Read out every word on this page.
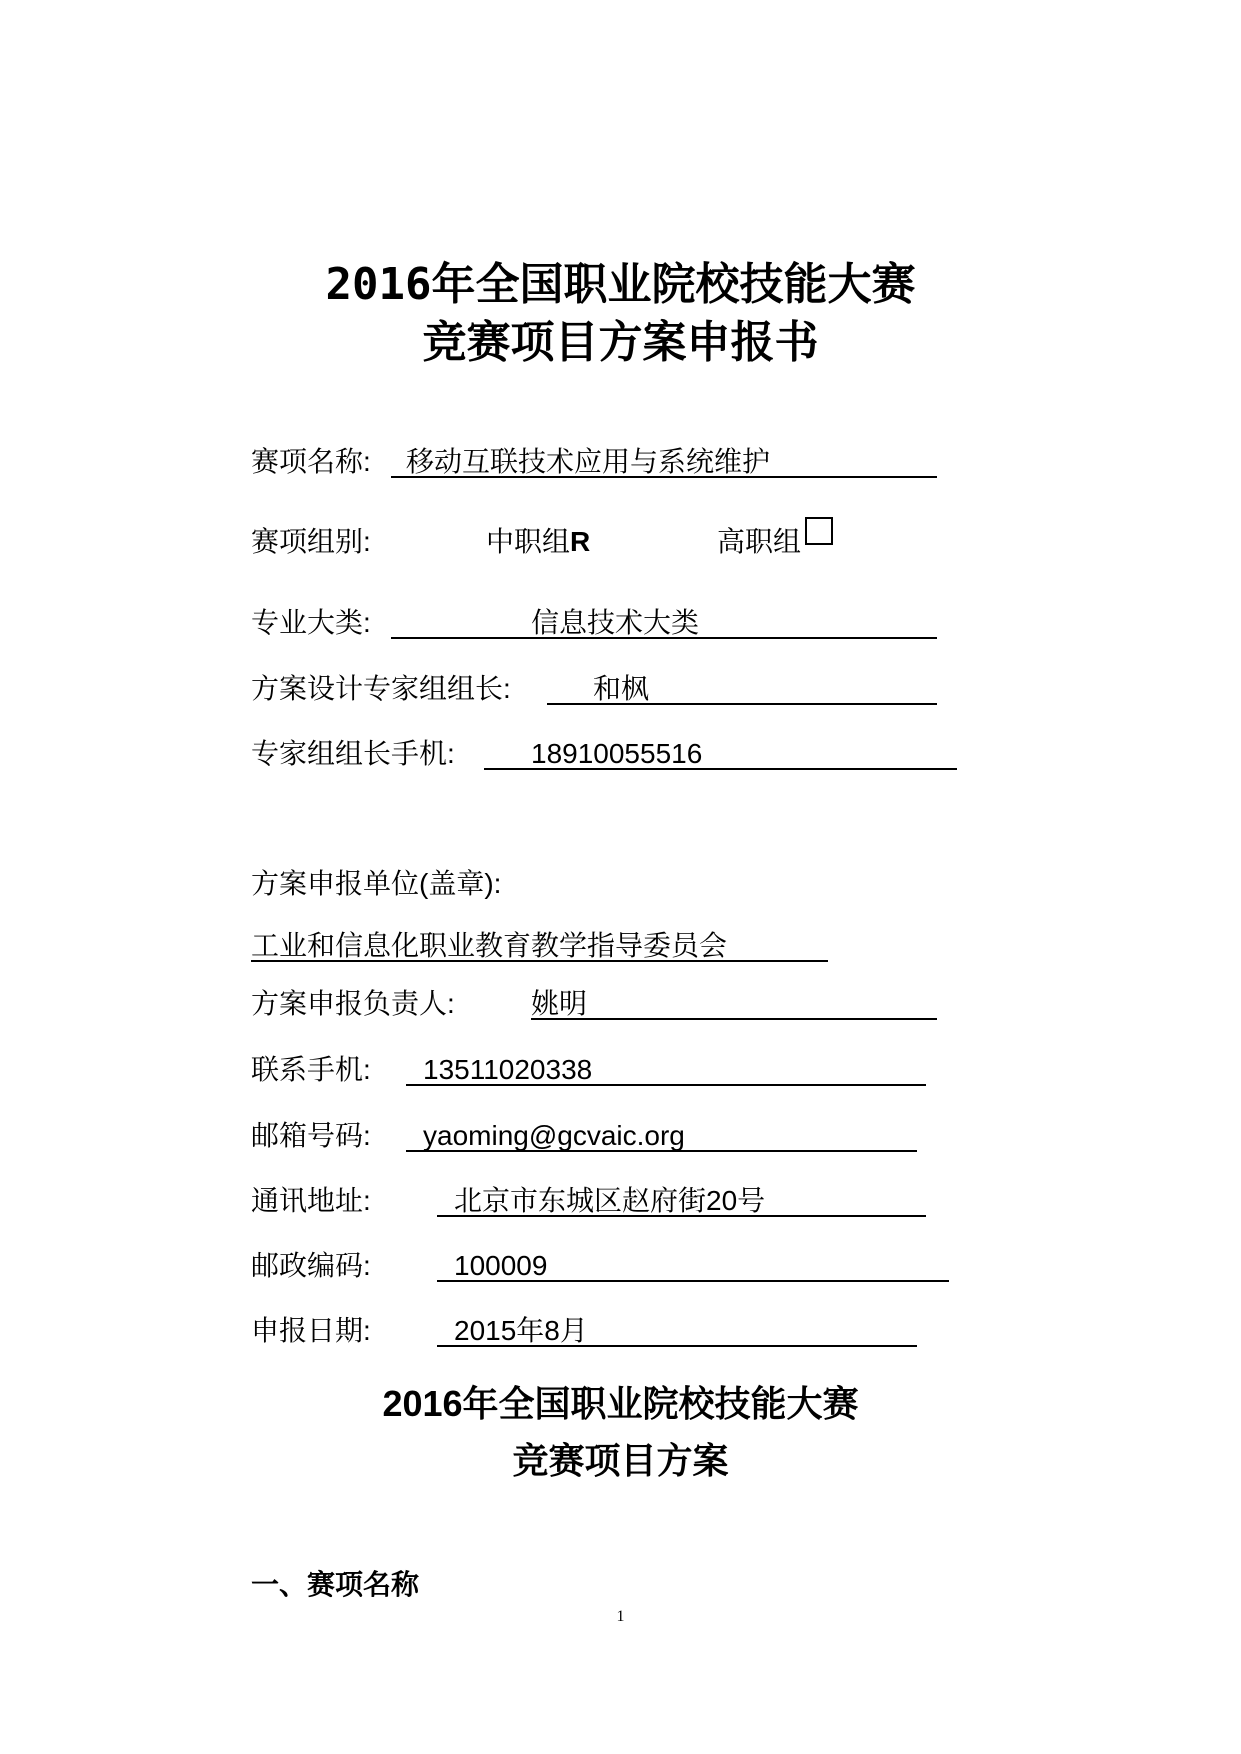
2016年全国职业院校技能大赛
竞赛项目方案申报书
赛项名称: 移动互联技术应用与系统维护
赛项组别:	中职组R	高职组
专业大类:	信息技术大类
方案设计专家组组长:	和枫
专家组组长手机:	18910055516
方案申报单位(盖章):
工业和信息化职业教育教学指导委员会
方案申报负责人:	姚明
联系手机: 13511020338
邮箱号码: yaoming@gcvaic.org
通讯地址:	北京市东城区赵府街20号
邮政编码:	100009
申报日期:	2015年8月
2016年全国职业院校技能大赛
竞赛项目方案
一、赛项名称
1
